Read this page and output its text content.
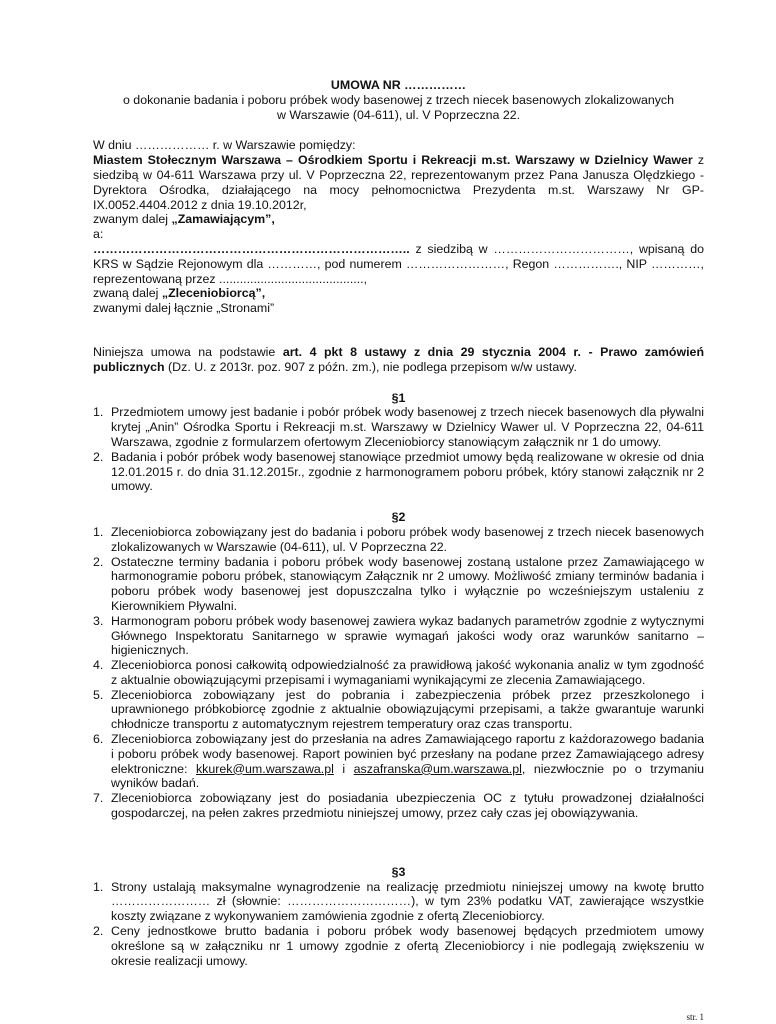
UMOWA NR ……………

o dokonanie badania i poboru próbek wody basenowej z trzech niecek basenowych zlokalizowanych

w Warszawie (04-611), ul. V Poprzeczna 22.

W dniu ……………… r. w Warszawie pomiędzy:

Miastem Stołecznym Warszawa – Ośrodkiem Sportu i Rekreacji m.st. Warszawy w Dzielnicy Wawer z siedzibą w 04-611 Warszawa przy ul. V Poprzeczna 22, reprezentowanym przez Pana Janusza Olędzkiego - Dyrektora Ośrodka, działającego na mocy pełnomocnictwa Prezydenta m.st. Warszawy Nr GP-IX.0052.4404.2012 z dnia 19.10.2012r,

zwanym dalej „Zamawiającym”,

a:

………………………………………………………………….. z siedzibą w ……………………………, wpisaną do KRS w Sądzie Rejonowym dla …………, pod numerem ……………………, Regon ……………., NIP …………, reprezentowaną przez ..........................................,

zwaną dalej „Zleceniobiorcą”,

zwanymi dalej łącznie „Stronami”

Niniejsza umowa na podstawie art. 4 pkt 8 ustawy z dnia 29 stycznia 2004 r. - Prawo zamówień publicznych (Dz. U. z 2013r. poz. 907 z późn. zm.), nie podlega przepisom w/w ustawy.

§1

1. Przedmiotem umowy jest badanie i pobór próbek wody basenowej z trzech niecek basenowych dla pływalni krytej „Anin” Ośrodka Sportu i Rekreacji m.st. Warszawy w Dzielnicy Wawer ul. V Poprzeczna 22, 04-611 Warszawa, zgodnie z formularzem ofertowym Zleceniobiorcy stanowiącym załącznik nr 1 do umowy.
2. Badania i pobór próbek wody basenowej stanowiące przedmiot umowy będą realizowane w okresie od dnia 12.01.2015 r. do dnia 31.12.2015r., zgodnie z harmonogramem poboru próbek, który stanowi załącznik nr 2 umowy.

§2

1. Zleceniobiorca zobowiązany jest do badania i poboru próbek wody basenowej z trzech niecek basenowych zlokalizowanych w Warszawie (04-611), ul. V Poprzeczna 22.
2. Ostateczne terminy badania i poboru próbek wody basenowej zostaną ustalone przez Zamawiającego w harmonogramie poboru próbek, stanowiącym Załącznik nr 2 umowy. Możliwość zmiany terminów badania i poboru próbek wody basenowej jest dopuszczalna tylko i wyłącznie po wcześniejszym ustaleniu z Kierownikiem Pływalni.
3. Harmonogram poboru próbek wody basenowej zawiera wykaz badanych parametrów zgodnie z wytycznymi Głównego Inspektoratu Sanitarnego w sprawie wymagań jakości wody oraz warunków sanitarno – higienicznych.
4. Zleceniobiorca ponosi całkowitą odpowiedzialność za prawidłową jakość wykonania analiz w tym zgodność z aktualnie obowiązującymi przepisami i wymaganiami wynikającymi ze zlecenia Zamawiającego.
5. Zleceniobiorca zobowiązany jest do pobrania i zabezpieczenia próbek przez przeszkolonego i uprawnionego próbkobiorcę zgodnie z aktualnie obowiązującymi przepisami, a także gwarantuje warunki chłodnicze transportu z automatycznym rejestrem temperatury oraz czas transportu.
6. Zleceniobiorca zobowiązany jest do przesłania na adres Zamawiającego raportu z każdorazowego badania i poboru próbek wody basenowej. Raport powinien być przesłany na podane przez Zamawiającego adresy elektroniczne: kkurek@um.warszawa.pl i aszafranska@um.warszawa.pl, niezwłocznie po o trzymaniu wyników badań.
7. Zleceniobiorca zobowiązany jest do posiadania ubezpieczenia OC z tytułu prowadzonej działalności gospodarczej, na pełen zakres przedmiotu niniejszej umowy, przez cały czas jej obowiązywania.

§3

1. Strony ustalają maksymalne wynagrodzenie na realizację przedmiotu niniejszej umowy na kwotę brutto …………………… zł (słownie: …………………………), w tym 23% podatku VAT, zawierające wszystkie koszty związane z wykonywaniem zamówienia zgodnie z ofertą Zleceniobiorcy.
2. Ceny jednostkowe brutto badania i poboru próbek wody basenowej będących przedmiotem umowy określone są w załączniku nr 1 umowy zgodnie z ofertą Zleceniobiorcy i nie podlegają zwiększeniu w okresie realizacji umowy.
str. 1
